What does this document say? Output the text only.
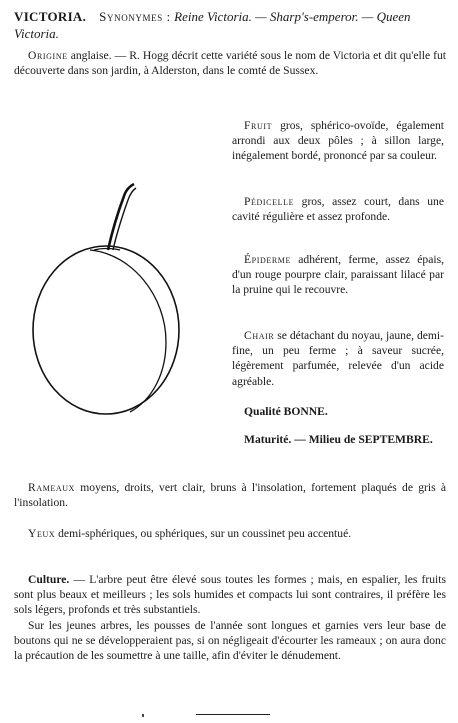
VICTORIA. Synonymes : Reine Victoria. — Sharp's-emperor. — Queen Victoria.

Origine anglaise. — R. Hogg décrit cette variété sous le nom de Victoria et dit qu'elle fut découverte dans son jardin, à Alderston, dans le comté de Sussex.

Fruit gros, sphérico-ovoïde, également arrondi aux deux pôles ; à sillon large, inégalement bordé, prononcé par sa couleur.

Pédicelle gros, assez court, dans une cavité régulière et assez profonde.

Épiderme adhérent, ferme, assez épais, d'un rouge pourpre clair, paraissant lilacé par la pruine qui le recouvre.

Chair se détachant du noyau, jaune, demi-fine, un peu ferme ; à saveur sucrée, légèrement parfumée, relevée d'un acide agréable.

Qualité BONNE.

Maturité. — Milieu de SEPTEMBRE.

Rameaux moyens, droits, vert clair, bruns à l'insolation, fortement plaqués de gris à l'insolation.

Yeux demi-sphériques, ou sphériques, sur un coussinet peu accentué.

Culture. — L'arbre peut être élevé sous toutes les formes ; mais, en espalier, les fruits sont plus beaux et meilleurs ; les sols humides et compacts lui sont contraires, il préfère les sols légers, profonds et très substantiels.

Sur les jeunes arbres, les pousses de l'année sont longues et garnies vers leur base de boutons qui ne se développeraient pas, si on négligeait d'écourter les rameaux ; on aura donc la précaution de les soumettre à une taille, afin d'éviter le dénudement.
